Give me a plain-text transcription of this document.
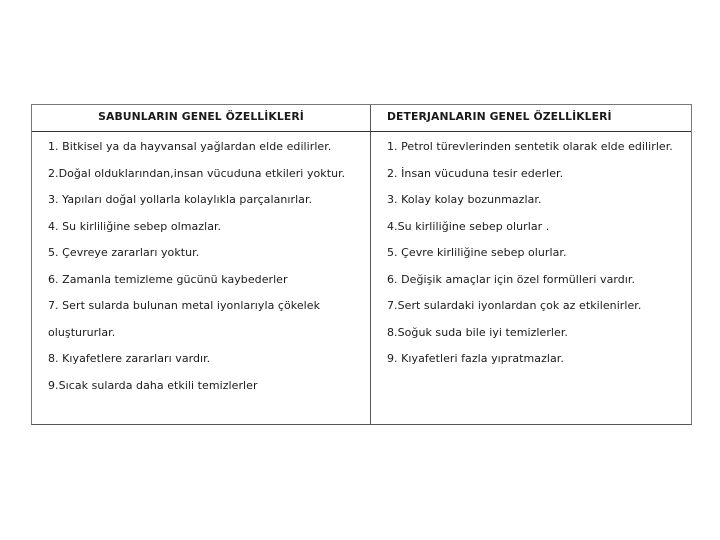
SABUNLARIN GENEL ÖZELLİKLERİ	DETERJANLARIN GENEL ÖZELLİKLERİ
1. Bitkisel ya da hayvansal yağlardan elde edilirler.
2.Doğal olduklarından,insan vücuduna etkileri yoktur.
3. Yapıları doğal yollarla kolaylıkla parçalanırlar.
4. Su kirliliğine sebep olmazlar.
5. Çevreye zararları yoktur.
6. Zamanla temizleme gücünü kaybederler
7. Sert sularda bulunan metal iyonlarıyla çökelek
oluştururlar.
8. Kıyafetlere zararları vardır.
9.Sıcak sularda daha etkili temizlerler
1. Petrol türevlerinden sentetik olarak elde edilirler.
2. İnsan vücuduna tesir ederler.
3. Kolay kolay bozunmazlar.
4.Su kirliliğine sebep olurlar .
5. Çevre kirliliğine sebep olurlar.
6. Değişik amaçlar için özel formülleri vardır.
7.Sert sulardaki iyonlardan çok az etkilenirler.
8.Soğuk suda bile iyi temizlerler.
9. Kıyafetleri fazla yıpratmazlar.
